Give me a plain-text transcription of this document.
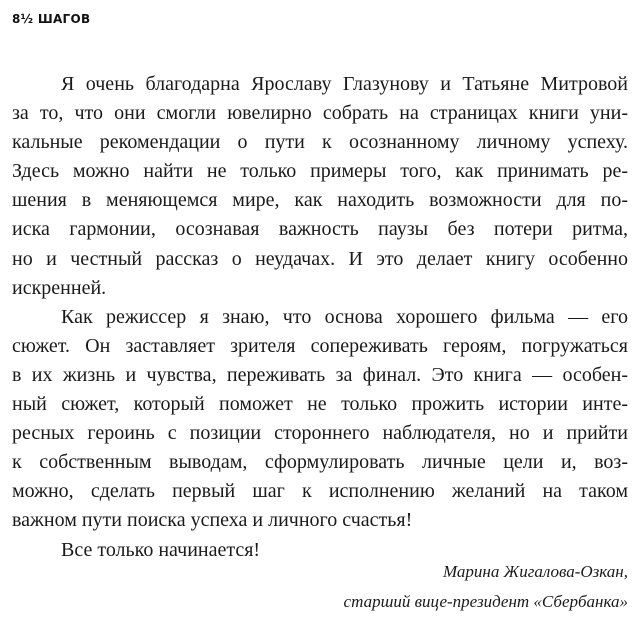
8½ ШАГОВ
Я очень благодарна Ярославу Глазунову и Татьяне Митровой
за то, что они смогли ювелирно собрать на страницах книги уни-
кальные рекомендации о пути к осознанному личному успеху.
Здесь можно найти не только примеры того, как принимать ре-
шения в меняющемся мире, как находить возможности для по-
иска гармонии, осознавая важность паузы без потери ритма,
но и честный рассказ о неудачах. И это делает книгу особенно
искренней.
Как режиссер я знаю, что основа хорошего фильма — его
сюжет. Он заставляет зрителя сопереживать героям, погружаться
в их жизнь и чувства, переживать за финал. Это книга — особен-
ный сюжет, который поможет не только прожить истории инте-
ресных героинь с позиции стороннего наблюдателя, но и прийти
к собственным выводам, сформулировать личные цели и, воз-
можно, сделать первый шаг к исполнению желаний на таком
важном пути поиска успеха и личного счастья!
Все только начинается!
Марина Жигалова-Озкан,
старший вице-президент «Сбербанка»
